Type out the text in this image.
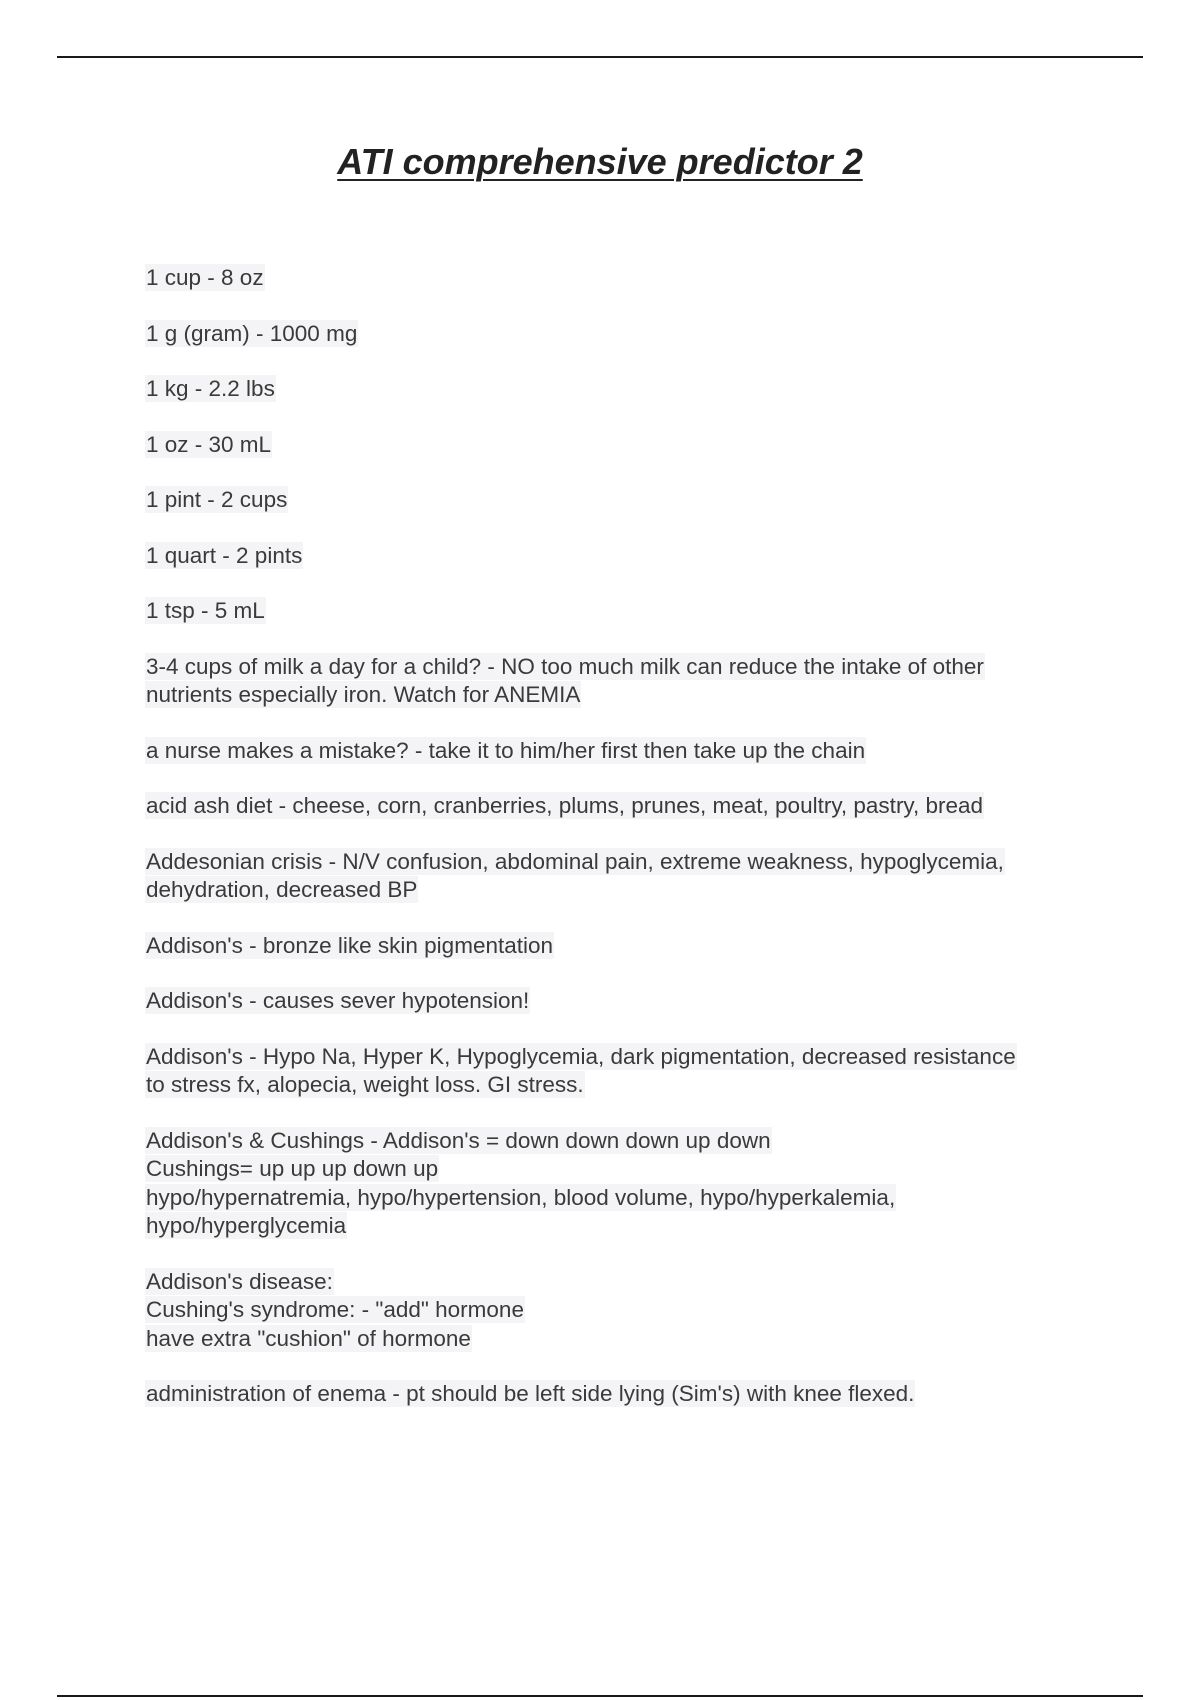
ATI comprehensive predictor 2
1 cup - 8 oz
1 g (gram) - 1000 mg
1 kg - 2.2 lbs
1 oz - 30 mL
1 pint - 2 cups
1 quart - 2 pints
1 tsp - 5 mL
3-4 cups of milk a day for a child? - NO too much milk can reduce the intake of other
nutrients especially iron. Watch for ANEMIA
a nurse makes a mistake? - take it to him/her first then take up the chain
acid ash diet - cheese, corn, cranberries, plums, prunes, meat, poultry, pastry, bread
Addesonian crisis - N/V confusion, abdominal pain, extreme weakness, hypoglycemia,
dehydration, decreased BP
Addison's - bronze like skin pigmentation
Addison's - causes sever hypotension!
Addison's - Hypo Na, Hyper K, Hypoglycemia, dark pigmentation, decreased resistance
to stress fx, alopecia, weight loss. GI stress.
Addison's & Cushings - Addison's = down down down up down
Cushings= up up up down up
hypo/hypernatremia, hypo/hypertension, blood volume, hypo/hyperkalemia,
hypo/hyperglycemia
Addison's disease:
Cushing's syndrome: - "add" hormone
have extra "cushion" of hormone
administration of enema - pt should be left side lying (Sim's) with knee flexed.
